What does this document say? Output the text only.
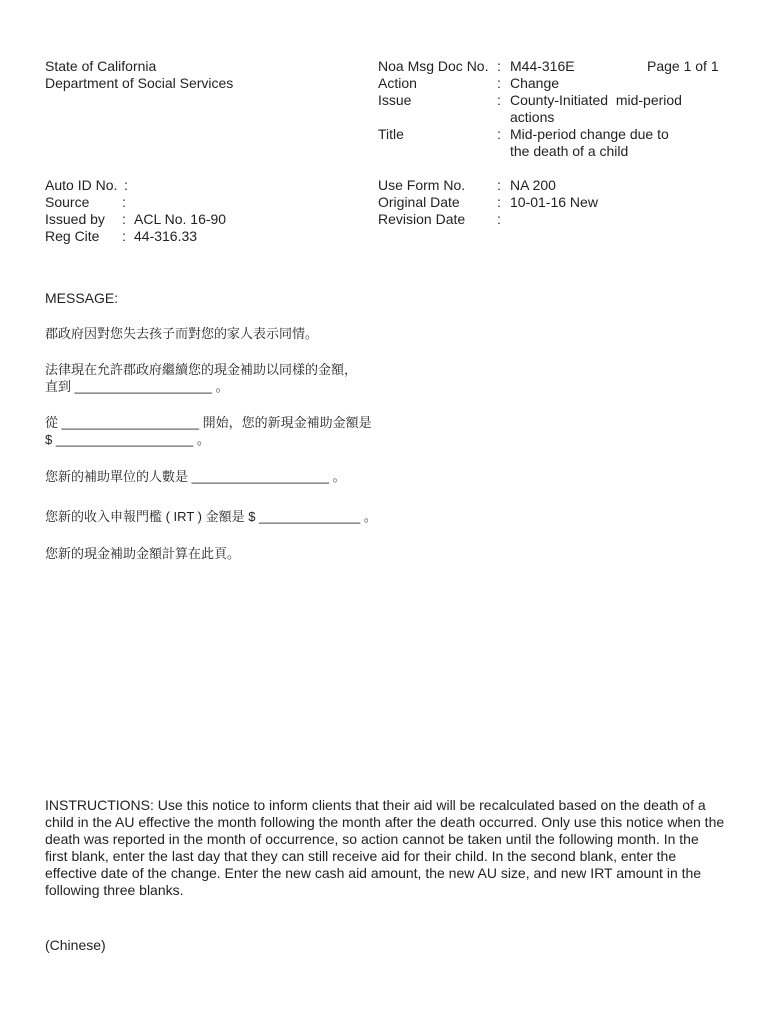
State of California
Department of Social Services
Noa Msg Doc No. : M44-316E	Page 1 of 1
Action	: Change
Issue	: County-Initiated  mid-period
actions
Title	: Mid-period change due to
the death of a child
Auto ID No. :
Source :
Issued by : ACL No. 16-90
Reg Cite : 44-316.33
Use Form No. : NA 200
Original Date	: 10-01-16 New
Revision Date :
MESSAGE:
郡政府因對您失去孩子而對您的家人表示同情。
法律現在允許郡政府繼續您的現金補助以同樣的金額，
直到 ___________________ 。
從 ___________________ 開始，您的新現金補助金額是
$ ___________________ 。
您新的補助單位的人數是 ___________________ 。
您新的收入申報門檻 ( IRT ) 金額是 $ ______________ 。
您新的現金補助金額計算在此頁。
INSTRUCTIONS: Use this notice to inform clients that their aid will be recalculated based on the death of a child in the AU effective the month following the month after the death occurred. Only use this notice when the death was reported in the month of occurrence, so action cannot be taken until the following month. In the first blank, enter the last day that they can still receive aid for their child. In the second blank, enter the effective date of the change. Enter the new cash aid amount, the new AU size, and new IRT amount in the following three blanks.
(Chinese)
